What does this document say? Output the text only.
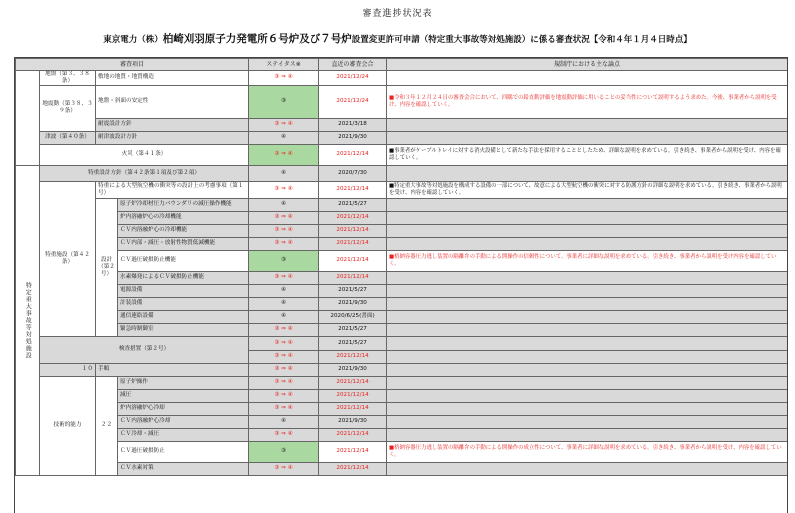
審査進捗状況表
東京電力（株）柏崎刈羽原子力発電所６号炉及び７号炉設置変更許可申請（特定重大事故等対処施設）に係る審査状況【令和４年１月４日時点】
審査項目				ステイタス※	直近の審査会合	規制庁における主な論点
	地盤（第３、３８条）	敷地の地質・地質構造		③ ⇒ ④	2021/12/24	
	地震動（第３８、３９条）	地盤・斜面の安定性		③	2021/12/24	■令和３年１２月２４日の審査会合において、四隅での鉛直動評価を地震動評価に用いることの妥当性について説明するよう求めた。今後、事業者から説明を受け、内容を確認していく。
		耐震設計方針		③ ⇒ ④	2021/3/18	
	津波（第４０条）	耐津波設計方針		④	2021/9/30	
	火災（第４１条）			③ ⇒ ④	2021/12/14	■事業者がケーブルトレイに対する消火設備として新たな手法を採用することとしたため、詳細な説明を求めている。引き続き、事業者から説明を受け、内容を確認していく。
特定重大事故等対処施設	特重設計方針（第４２条第１項及び第２項）			④	2020/7/30	
	特重施設（第４２条）	特重による大型航空機の衝突等の設計上の考慮事項（第１号）		③ ⇒ ④	2021/12/14	■特定重大事故等対処施設を構成する設備の一部について、故意による大型航空機の衝突に対する防護方針の詳細な説明を求めている。引き続き、事業者から説明を受け、内容を確認していく。
		設計（第２号）	原子炉冷却材圧力バウンダリの減圧操作機能	④	2021/5/27	
			炉内溶融炉心の冷却機能	③ ⇒ ④	2021/12/14	
			ＣＶ内溶融炉心の冷却機能	③ ⇒ ④	2021/12/14	
			ＣＶ内部・減圧・放射性物質低減機能	③ ⇒ ④	2021/12/14	
			ＣＶ過圧破損防止機能	③	2021/12/14	■格納容器圧力逃し装置の隔離弁の手動による開操作の信頼性について、事業者に詳細な説明を求めている。引き続き、事業者から説明を受け内容を確認していく。
			水素爆発によるＣＶ破損防止機能	③ ⇒ ④	2021/12/14	
			電源設備	④	2021/5/27	
			計装設備	④	2021/9/30	
			通信連絡設備	④	2020/6/25(書面)	
			緊急時制御室	③ ⇒ ④	2021/5/27	

	検査措置（第２号）			③ ⇒ ④	2021/5/27	
				③ ⇒ ④	2021/12/14	
	１０	手順		③ ⇒ ④	2021/9/30	
	技術的能力	２２	原子炉操作	③ ⇒ ④	2021/12/14	
			減圧	③ ⇒ ④	2021/12/14	
			炉内溶融炉心冷却	③ ⇒ ④	2021/12/14	
			ＣＶ内溶融炉心冷却	④	2021/9/30	
			ＣＶ冷却・減圧	③ ⇒ ④	2021/12/14	
			ＣＶ過圧破損防止	③	2021/12/14	■格納容器圧力逃し装置の隔離弁の手動による開操作の成立性について、事業者に詳細な説明を求めている。引き続き、事業者から説明を受け、内容を確認していく。
			ＣＶ水素対策	③ ⇒ ④	2021/12/14	
